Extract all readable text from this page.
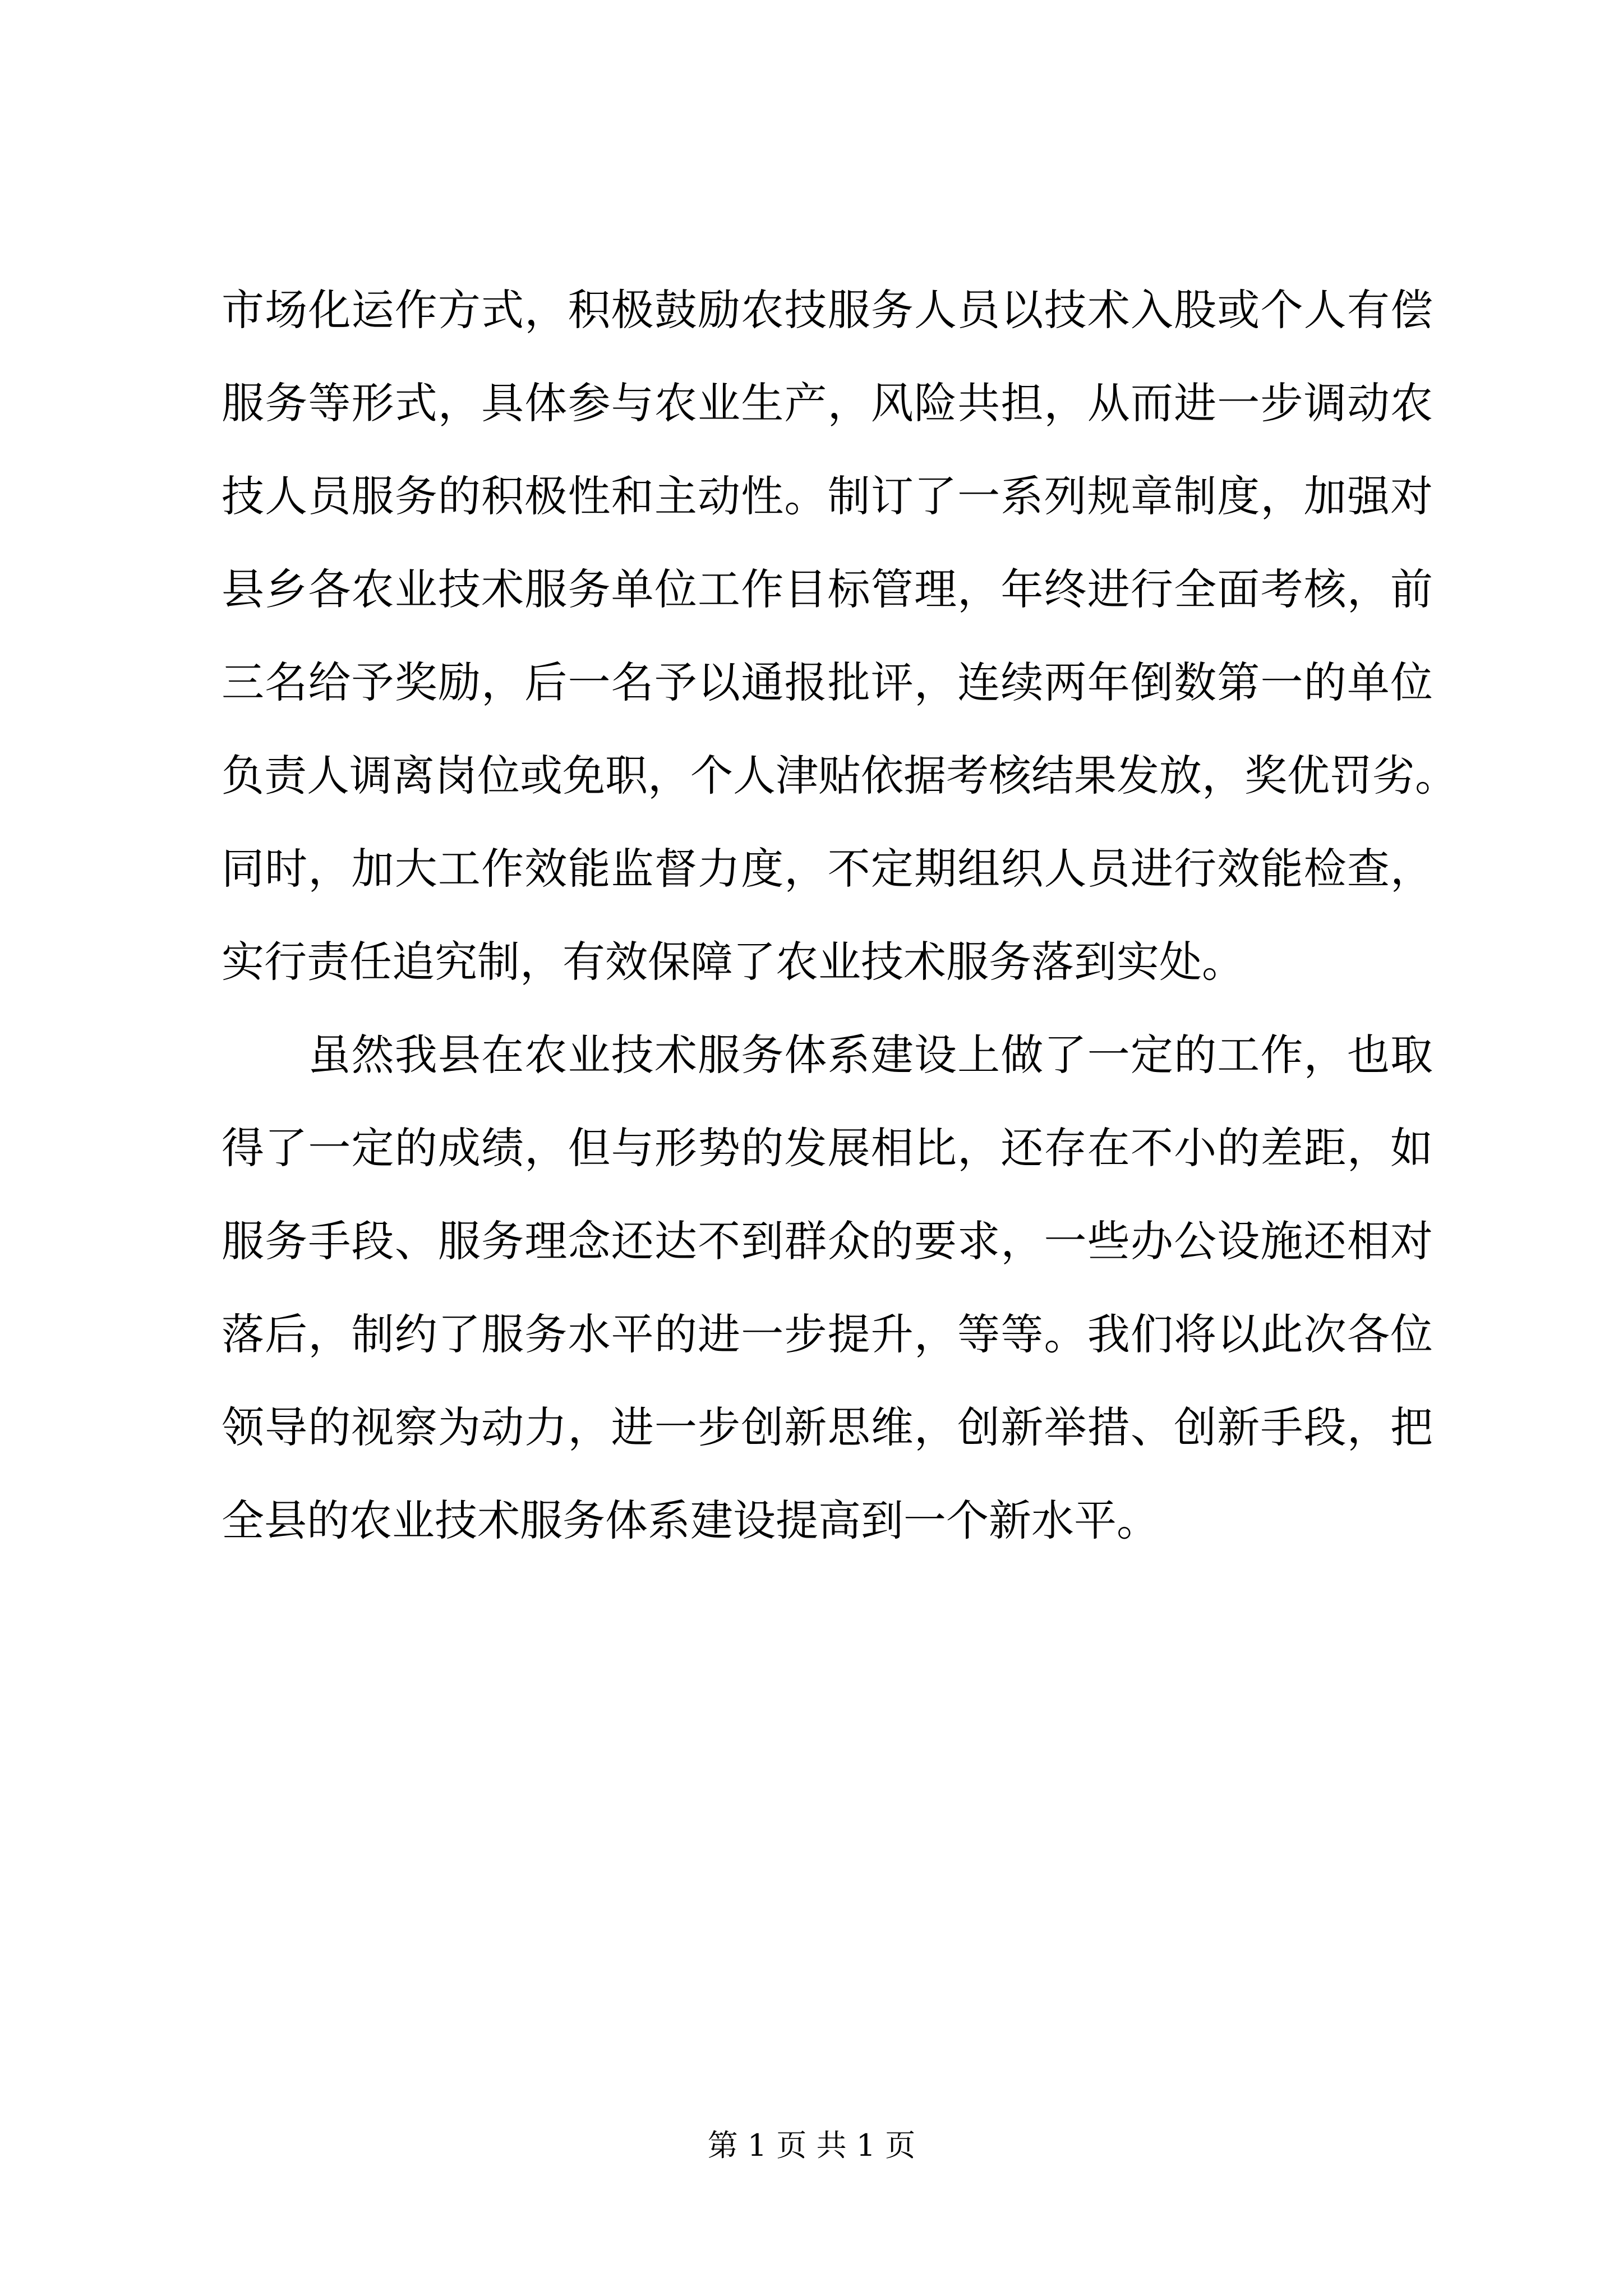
市场化运作方式，积极鼓励农技服务人员以技术入股或个人有偿
服务等形式，具体参与农业生产，风险共担，从而进一步调动农
技人员服务的积极性和主动性。制订了一系列规章制度，加强对
县乡各农业技术服务单位工作目标管理，年终进行全面考核，前
三名给予奖励，后一名予以通报批评，连续两年倒数第一的单位
负责人调离岗位或免职，个人津贴依据考核结果发放，奖优罚劣。
同时，加大工作效能监督力度，不定期组织人员进行效能检查，
实行责任追究制，有效保障了农业技术服务落到实处。
　　虽然我县在农业技术服务体系建设上做了一定的工作，也取
得了一定的成绩，但与形势的发展相比，还存在不小的差距，如
服务手段、服务理念还达不到群众的要求，一些办公设施还相对
落后，制约了服务水平的进一步提升，等等。我们将以此次各位
领导的视察为动力，进一步创新思维，创新举措、创新手段，把
全县的农业技术服务体系建设提高到一个新水平。
第 1 页 共 1 页
